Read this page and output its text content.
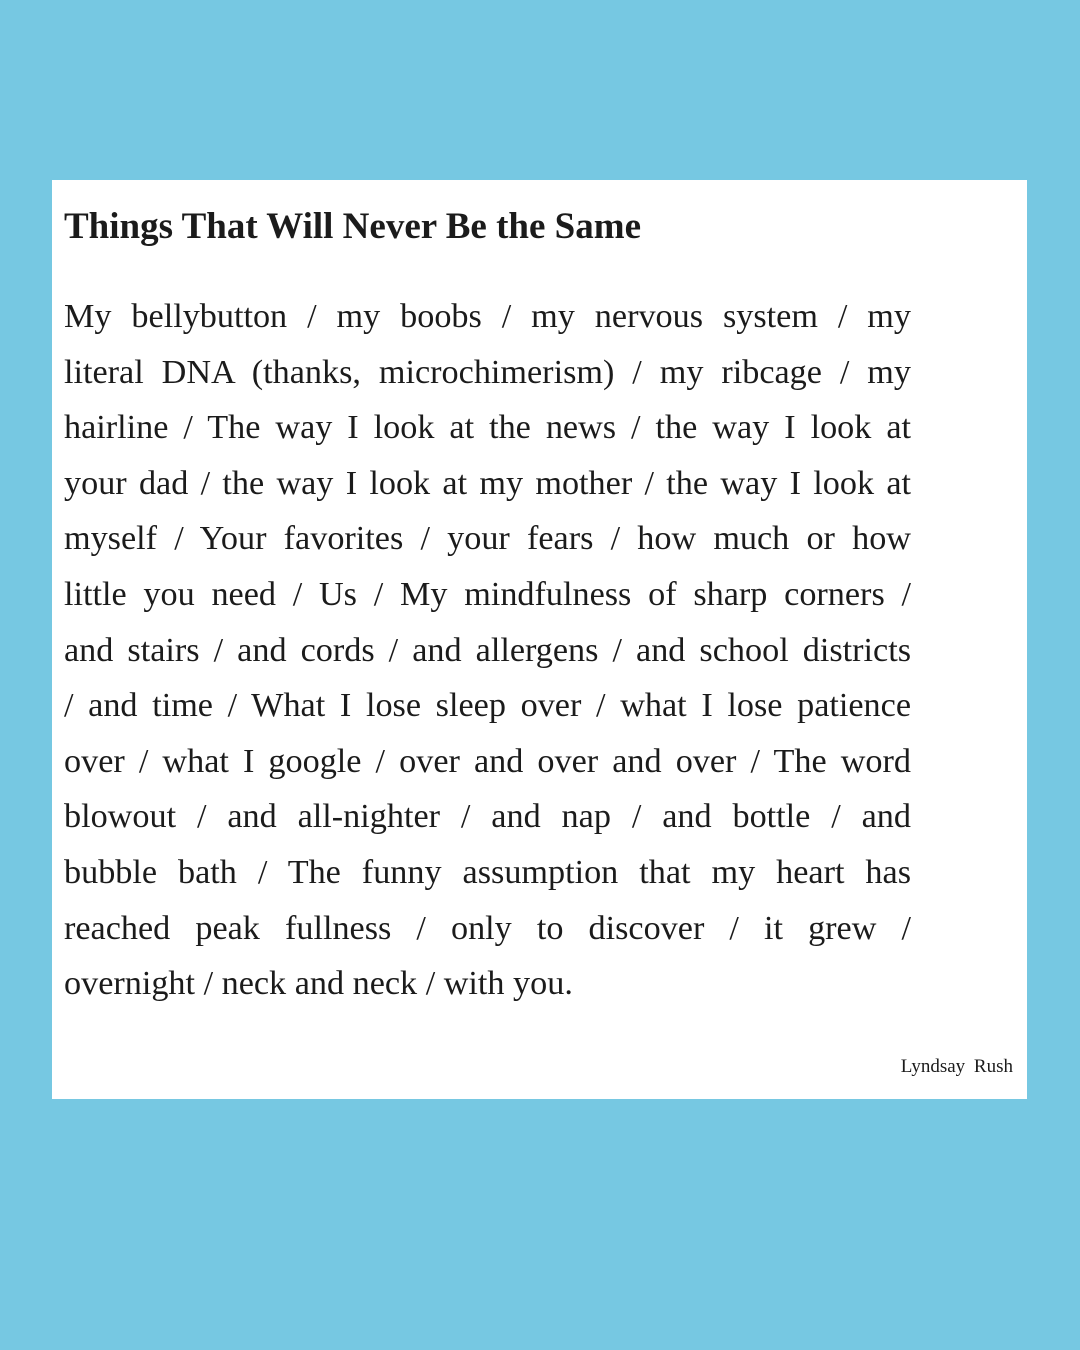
Things That Will Never Be the Same
My bellybutton / my boobs / my nervous system / my
literal DNA (thanks, microchimerism) / my ribcage / my
hairline / The way I look at the news / the way I look at
your dad / the way I look at my mother / the way I look at
myself / Your favorites / your fears / how much or how
little you need / Us / My mindfulness of sharp corners /
and stairs / and cords / and allergens / and school districts
/ and time / What I lose sleep over / what I lose patience
over / what I google / over and over and over / The word
blowout / and all-nighter / and nap / and bottle / and
bubble bath / The funny assumption that my heart has
reached peak fullness / only to discover / it grew /
overnight / neck and neck / with you.
Lyndsay Rush
